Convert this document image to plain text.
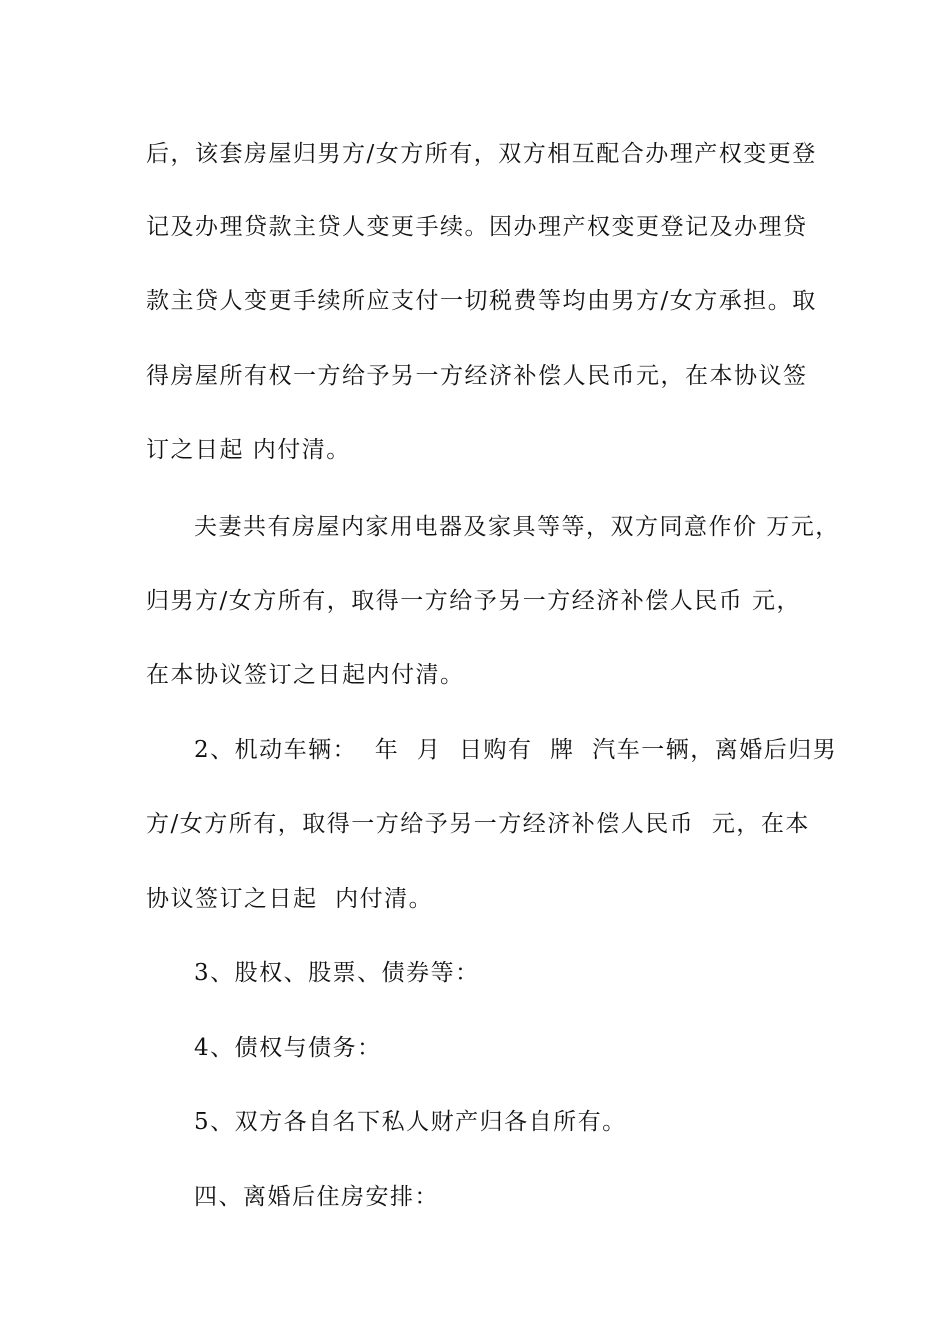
后，该套房屋归男方/女方所有，双方相互配合办理产权变更登
记及办理贷款主贷人变更手续。因办理产权变更登记及办理贷
款主贷人变更手续所应支付一切税费等均由男方/女方承担。取
得房屋所有权一方给予另一方经济补偿人民币元，在本协议签
订之日起 内付清。
夫妻共有房屋内家用电器及家具等等，双方同意作价 万元，
归男方/女方所有，取得一方给予另一方经济补偿人民币 元，
在本协议签订之日起内付清。
2、机动车辆：  年  月  日购有  牌  汽车一辆，离婚后归男
方/女方所有，取得一方给予另一方经济补偿人民币  元，在本
协议签订之日起  内付清。
3、股权、股票、债券等：
4、债权与债务：
5、双方各自名下私人财产归各自所有。
四、离婚后住房安排：
